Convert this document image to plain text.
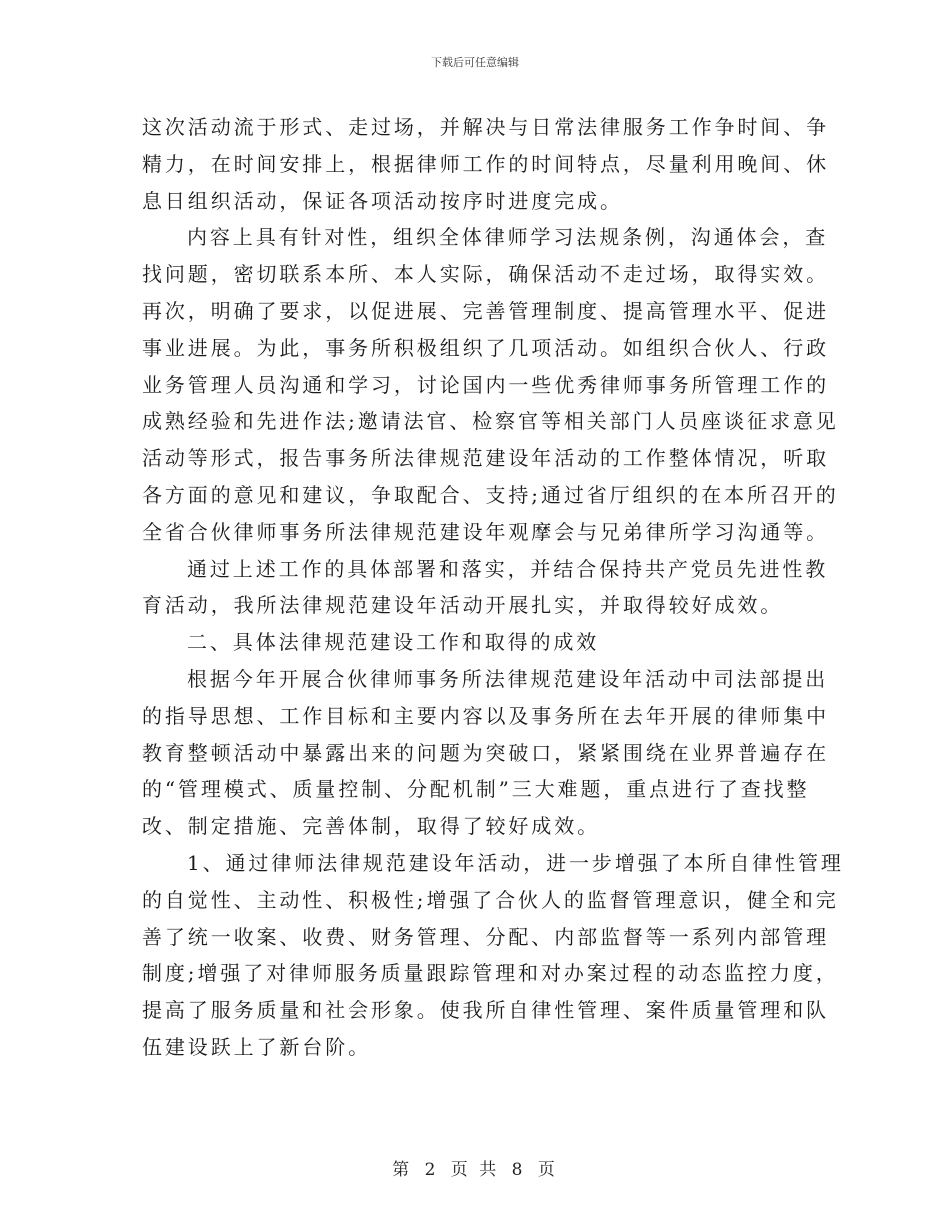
下载后可任意编辑
这次活动流于形式、走过场，并解决与日常法律服务工作争时间、争
精力，在时间安排上，根据律师工作的时间特点，尽量利用晚间、休
息日组织活动，保证各项活动按序时进度完成。
内容上具有针对性，组织全体律师学习法规条例，沟通体会，查
找问题，密切联系本所、本人实际，确保活动不走过场，取得实效。
再次，明确了要求，以促进展、完善管理制度、提高管理水平、促进
事业进展。为此，事务所积极组织了几项活动。如组织合伙人、行政
业务管理人员沟通和学习，讨论国内一些优秀律师事务所管理工作的
成熟经验和先进作法;邀请法官、检察官等相关部门人员座谈征求意见
活动等形式，报告事务所法律规范建设年活动的工作整体情况，听取
各方面的意见和建议，争取配合、支持;通过省厅组织的在本所召开的
全省合伙律师事务所法律规范建设年观摩会与兄弟律所学习沟通等。
通过上述工作的具体部署和落实，并结合保持共产党员先进性教
育活动，我所法律规范建设年活动开展扎实，并取得较好成效。
二、具体法律规范建设工作和取得的成效
根据今年开展合伙律师事务所法律规范建设年活动中司法部提出
的指导思想、工作目标和主要内容以及事务所在去年开展的律师集中
教育整顿活动中暴露出来的问题为突破口，紧紧围绕在业界普遍存在
的“管理模式、质量控制、分配机制”三大难题，重点进行了查找整
改、制定措施、完善体制，取得了较好成效。
1、通过律师法律规范建设年活动，进一步增强了本所自律性管理
的自觉性、主动性、积极性;增强了合伙人的监督管理意识，健全和完
善了统一收案、收费、财务管理、分配、内部监督等一系列内部管理
制度;增强了对律师服务质量跟踪管理和对办案过程的动态监控力度，
提高了服务质量和社会形象。使我所自律性管理、案件质量管理和队
伍建设跃上了新台阶。
第 2 页 共 8 页
